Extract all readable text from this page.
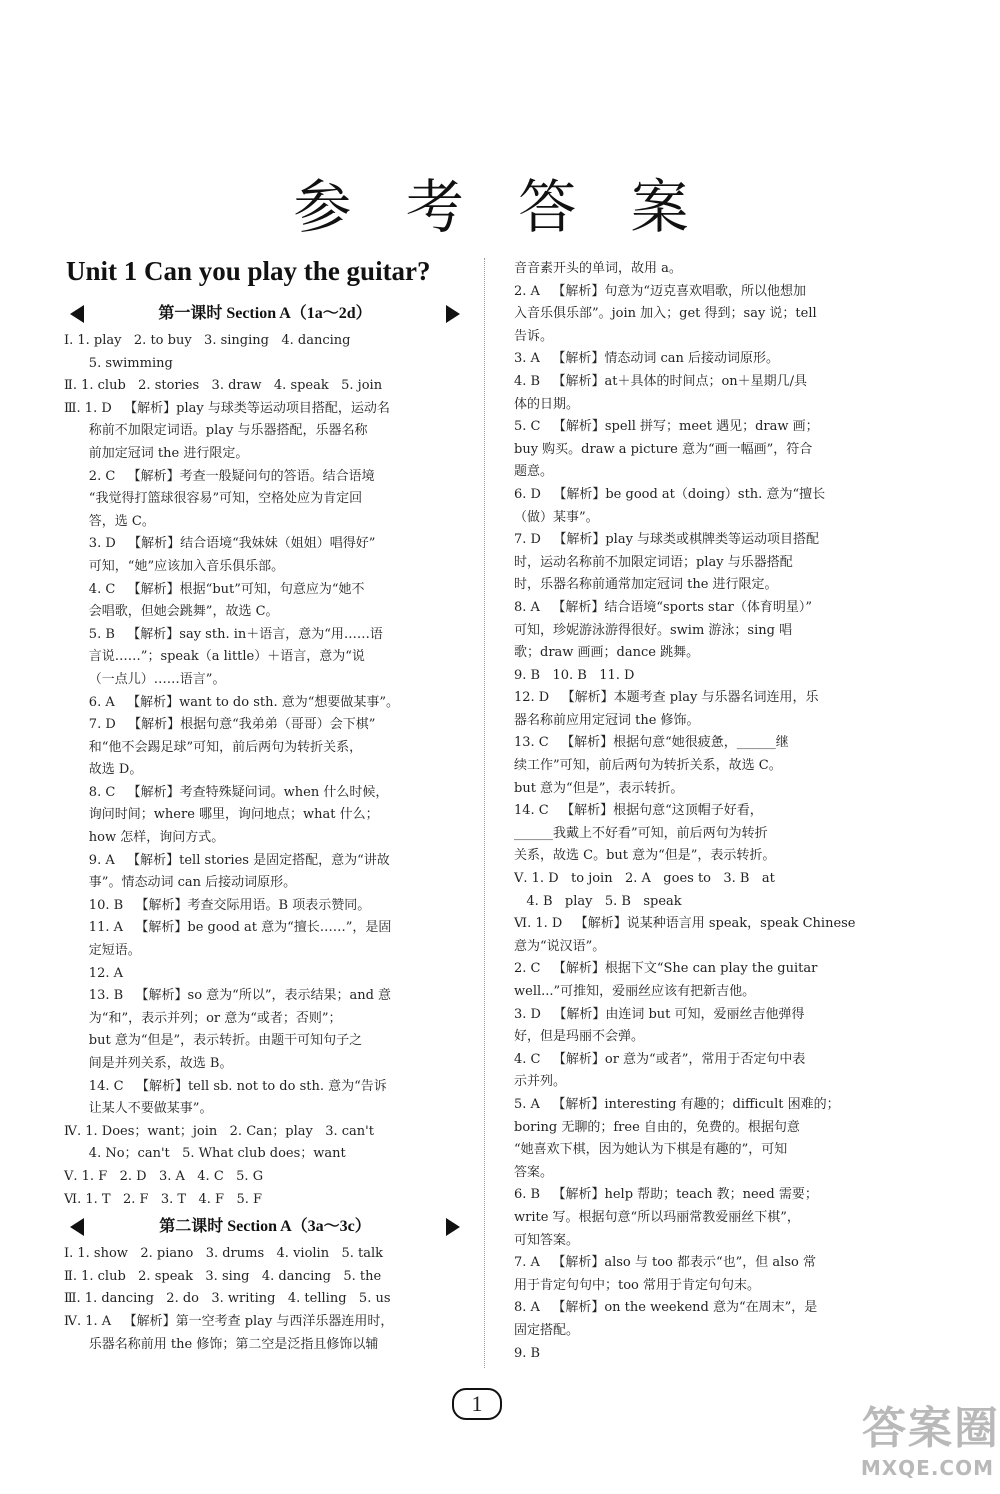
参 考 答 案
Unit 1 Can you play the guitar?
第一课时 Section A（1a～2d）
Ⅰ. 1. play   2. to buy   3. singing   4. dancing
5. swimming
Ⅱ. 1. club   2. stories   3. draw   4. speak   5. join
Ⅲ. 1. D   【解析】play 与球类等运动项目搭配，运动名
称前不加限定词语。play 与乐器搭配，乐器名称
前加定冠词 the 进行限定。
2. C   【解析】考查一般疑问句的答语。结合语境
“我觉得打篮球很容易”可知，空格处应为肯定回
答，选 C。
3. D   【解析】结合语境“我妹妹（姐姐）唱得好”
可知，“她”应该加入音乐俱乐部。
4. C   【解析】根据“but”可知，句意应为“她不
会唱歌，但她会跳舞”，故选 C。
5. B   【解析】say sth. in＋语言，意为“用……语
言说……”；speak（a little）＋语言，意为“说
（一点儿）……语言”。
6. A   【解析】want to do sth. 意为“想要做某事”。
7. D   【解析】根据句意“我弟弟（哥哥）会下棋”
和“他不会踢足球”可知，前后两句为转折关系，
故选 D。
8. C   【解析】考查特殊疑问词。when 什么时候，
询问时间；where 哪里，询问地点；what 什么；
how 怎样，询问方式。
9. A   【解析】tell stories 是固定搭配，意为“讲故
事”。情态动词 can 后接动词原形。
10. B   【解析】考查交际用语。B 项表示赞同。
11. A   【解析】be good at 意为“擅长……”，是固
定短语。
12. A
13. B   【解析】so 意为“所以”，表示结果；and 意
为“和”，表示并列；or 意为“或者；否则”；
but 意为“但是”，表示转折。由题干可知句子之
间是并列关系，故选 B。
14. C   【解析】tell sb. not to do sth. 意为“告诉
让某人不要做某事”。
Ⅳ. 1. Does；want；join   2. Can；play   3. can't
4. No；can't   5. What club does；want
Ⅴ. 1. F   2. D   3. A   4. C   5. G
Ⅵ. 1. T   2. F   3. T   4. F   5. F
第二课时 Section A（3a～3c）
Ⅰ. 1. show   2. piano   3. drums   4. violin   5. talk
Ⅱ. 1. club   2. speak   3. sing   4. dancing   5. the
Ⅲ. 1. dancing   2. do   3. writing   4. telling   5. us
Ⅳ. 1. A   【解析】第一空考查 play 与西洋乐器连用时，
乐器名称前用 the 修饰；第二空是泛指且修饰以辅
音音素开头的单词，故用 a。
2. A   【解析】句意为“迈克喜欢唱歌，所以他想加
入音乐俱乐部”。join 加入；get 得到；say 说；tell
告诉。
3. A   【解析】情态动词 can 后接动词原形。
4. B   【解析】at＋具体的时间点；on＋星期几/具
体的日期。
5. C   【解析】spell 拼写；meet 遇见；draw 画；
buy 购买。draw a picture 意为“画一幅画”，符合
题意。
6. D   【解析】be good at（doing）sth. 意为“擅长
（做）某事”。
7. D   【解析】play 与球类或棋牌类等运动项目搭配
时，运动名称前不加限定词语；play 与乐器搭配
时，乐器名称前通常加定冠词 the 进行限定。
8. A   【解析】结合语境“sports star（体育明星）”
可知，珍妮游泳游得很好。swim 游泳；sing 唱
歌；draw 画画；dance 跳舞。
9. B   10. B   11. D
12. D   【解析】本题考查 play 与乐器名词连用，乐
器名称前应用定冠词 the 修饰。
13. C   【解析】根据句意“她很疲惫，______继
续工作”可知，前后两句为转折关系，故选 C。
but 意为“但是”，表示转折。
14. C   【解析】根据句意“这顶帽子好看，
______我戴上不好看”可知，前后两句为转折
关系，故选 C。but 意为“但是”，表示转折。
Ⅴ. 1. D   to join   2. A   goes to   3. B   at
4. B   play   5. B   speak
Ⅵ. 1. D   【解析】说某种语言用 speak，speak Chinese
意为“说汉语”。
2. C   【解析】根据下文“She can play the guitar
well...”可推知，爱丽丝应该有把新吉他。
3. D   【解析】由连词 but 可知，爱丽丝吉他弹得
好，但是玛丽不会弹。
4. C   【解析】or 意为“或者”，常用于否定句中表
示并列。
5. A   【解析】interesting 有趣的；difficult 困难的；
boring 无聊的；free 自由的，免费的。根据句意
“她喜欢下棋，因为她认为下棋是有趣的”，可知
答案。
6. B   【解析】help 帮助；teach 教；need 需要；
write 写。根据句意“所以玛丽常教爱丽丝下棋”，
可知答案。
7. A   【解析】also 与 too 都表示“也”，但 also 常
用于肯定句句中；too 常用于肯定句句末。
8. A   【解析】on the weekend 意为“在周末”，是
固定搭配。
9. B
1	答案圈
MXQE.COM
